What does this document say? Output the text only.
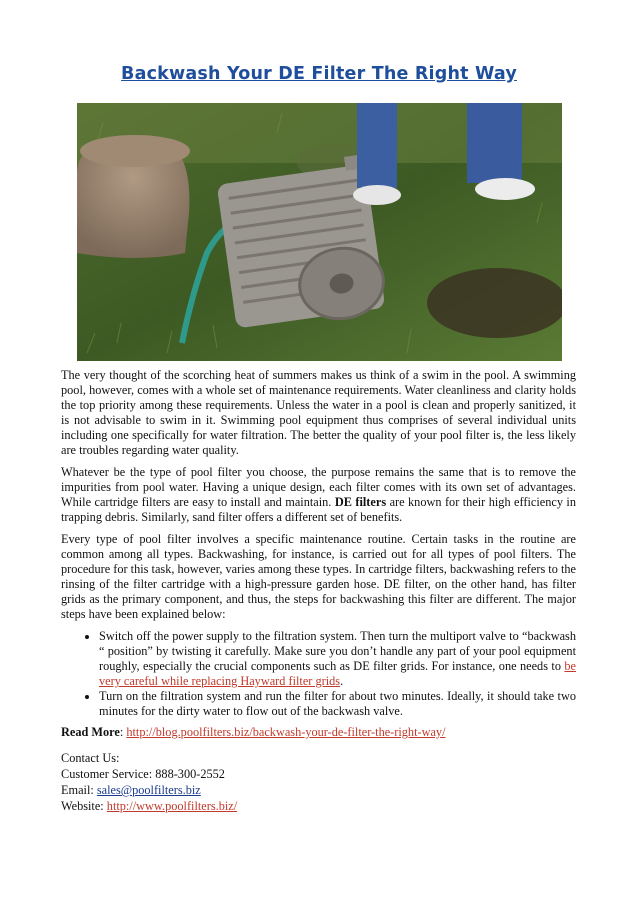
Backwash Your DE Filter The Right Way

The very thought of the scorching heat of summers makes us think of a swim in the pool. A swimming pool, however, comes with a whole set of maintenance requirements. Water cleanliness and clarity holds the top priority among these requirements. Unless the water in a pool is clean and properly sanitized, it is not advisable to swim in it. Swimming pool equipment thus comprises of several individual units including one specifically for water filtration. The better the quality of your pool filter is, the less likely are troubles regarding water quality.

Whatever be the type of pool filter you choose, the purpose remains the same that is to remove the impurities from pool water. Having a unique design, each filter comes with its own set of advantages. While cartridge filters are easy to install and maintain. DE filters are known for their high efficiency in trapping debris. Similarly, sand filter offers a different set of benefits.

Every type of pool filter involves a specific maintenance routine. Certain tasks in the routine are common among all types. Backwashing, for instance, is carried out for all types of pool filters. The procedure for this task, however, varies among these types. In cartridge filters, backwashing refers to the rinsing of the filter cartridge with a high-pressure garden hose. DE filter, on the other hand, has filter grids as the primary component, and thus, the steps for backwashing this filter are different. The major steps have been explained below:

• Switch off the power supply to the filtration system. Then turn the multiport valve to “backwash “ position” by twisting it carefully. Make sure you don’t handle any part of your pool equipment roughly, especially the crucial components such as DE filter grids. For instance, one needs to be very careful while replacing Hayward filter grids.
• Turn on the filtration system and run the filter for about two minutes. Ideally, it should take two minutes for the dirty water to flow out of the backwash valve.
Read More: http://blog.poolfilters.biz/backwash-your-de-filter-the-right-way/
Contact Us:
Customer Service: 888-300-2552
Email: sales@poolfilters.biz
Website: http://www.poolfilters.biz/
